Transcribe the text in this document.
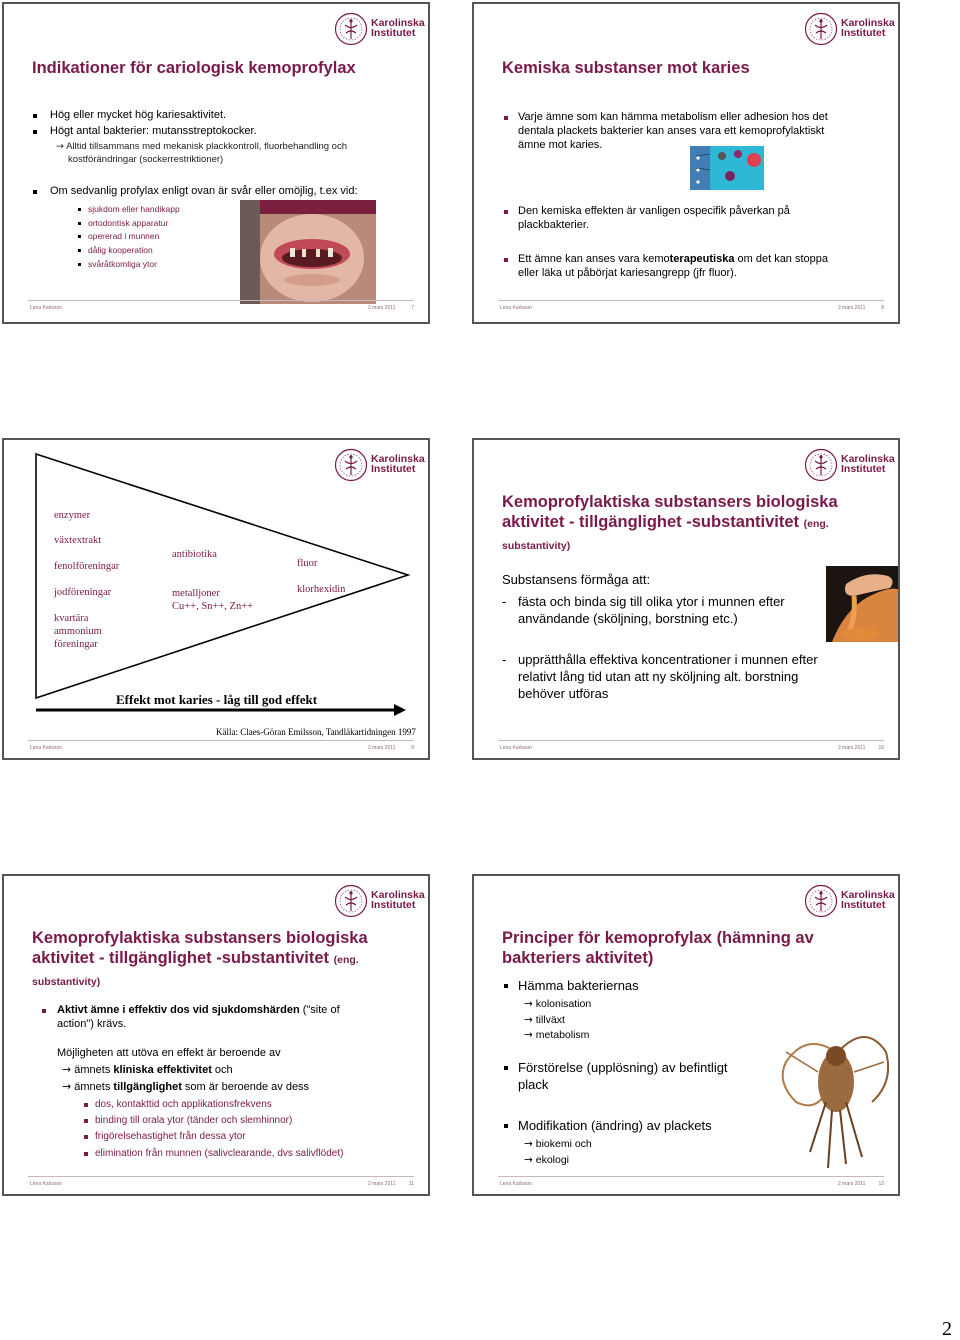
Karolinska
Institutet
Indikationer för cariologisk kemoprofylax
Hög eller mycket hög kariesaktivitet.
Högt antal bakterier: mutansstreptokocker.
→ Alltid tillsammans med mekanisk plackkontroll, fluorbehandling och
kostförändringar (sockerrestriktioner)
Om sedvanlig profylax enligt ovan är svår eller omöjlig, t.ex vid:
sjukdom eller handikapp
ortodontisk apparatur
opererad i munnen
dålig kooperation
svåråtkomliga ytor
Lena Karlsson	2 mars 2011	7
Karolinska
Institutet
Kemiska substanser mot karies
Varje ämne som kan hämma metabolism eller adhesion hos det
dentala plackets bakterier kan anses vara ett kemoprofylaktiskt
ämne mot karies.
Den kemiska effekten är vanligen ospecifik påverkan på
plackbakterier.
Ett ämne kan anses vara kemoterapeutiska om det kan stoppa
eller läka ut påbörjat kariesangrepp (jfr fluor).
Lena Karlsson	2 mars 2011	8
Karolinska
Institutet
enzymer
växtextrakt
fenolföreningar
jodföreningar
kvartära
ammonium
föreningar
antibiotika
metalljoner
Cu++, Sn++, Zn++
fluor
klorhexidin
Effekt mot karies - låg till god effekt
Källa: Claes-Göran Emilsson, Tandläkartidningen 1997
Lena Karlsson	2 mars 2011	9
Karolinska
Institutet
Kemoprofylaktiska substansers biologiska
aktivitet - tillgänglighet -substantivitet (eng.
substantivity)
Substansens förmåga att:
- fästa och binda sig till olika ytor i munnen efter
användande (sköljning, borstning etc.)
- upprätthålla effektiva koncentrationer i munnen efter
relativt lång tid utan att ny sköljning alt. borstning
behöver utföras
Lena Karlsson	2 mars 2011	10
Karolinska
Institutet
Kemoprofylaktiska substansers biologiska
aktivitet - tillgänglighet -substantivitet (eng.
substantivity)
Aktivt ämne i effektiv dos vid sjukdomshärden ("site of
action") krävs.
Möjligheten att utöva en effekt är beroende av
→ ämnets kliniska effektivitet och
→ ämnets tillgänglighet som är beroende av dess
dos, kontakttid och applikationsfrekvens
binding till orala ytor (tänder och slemhinnor)
frigörelsehastighet från dessa ytor
elimination från munnen (salivclearande, dvs salivflödet)
Lena Karlsson	2 mars 2011	11
Karolinska
Institutet
Principer för kemoprofylax (hämning av
bakteriers aktivitet)
Hämma bakteriernas
→ kolonisation
→ tillväxt
→ metabolism
Förstörelse (upplösning) av befintligt
plack
Modifikation (ändring) av plackets
→ biokemi och
→ ekologi
Lena Karlsson	2 mars 2011	12
2
